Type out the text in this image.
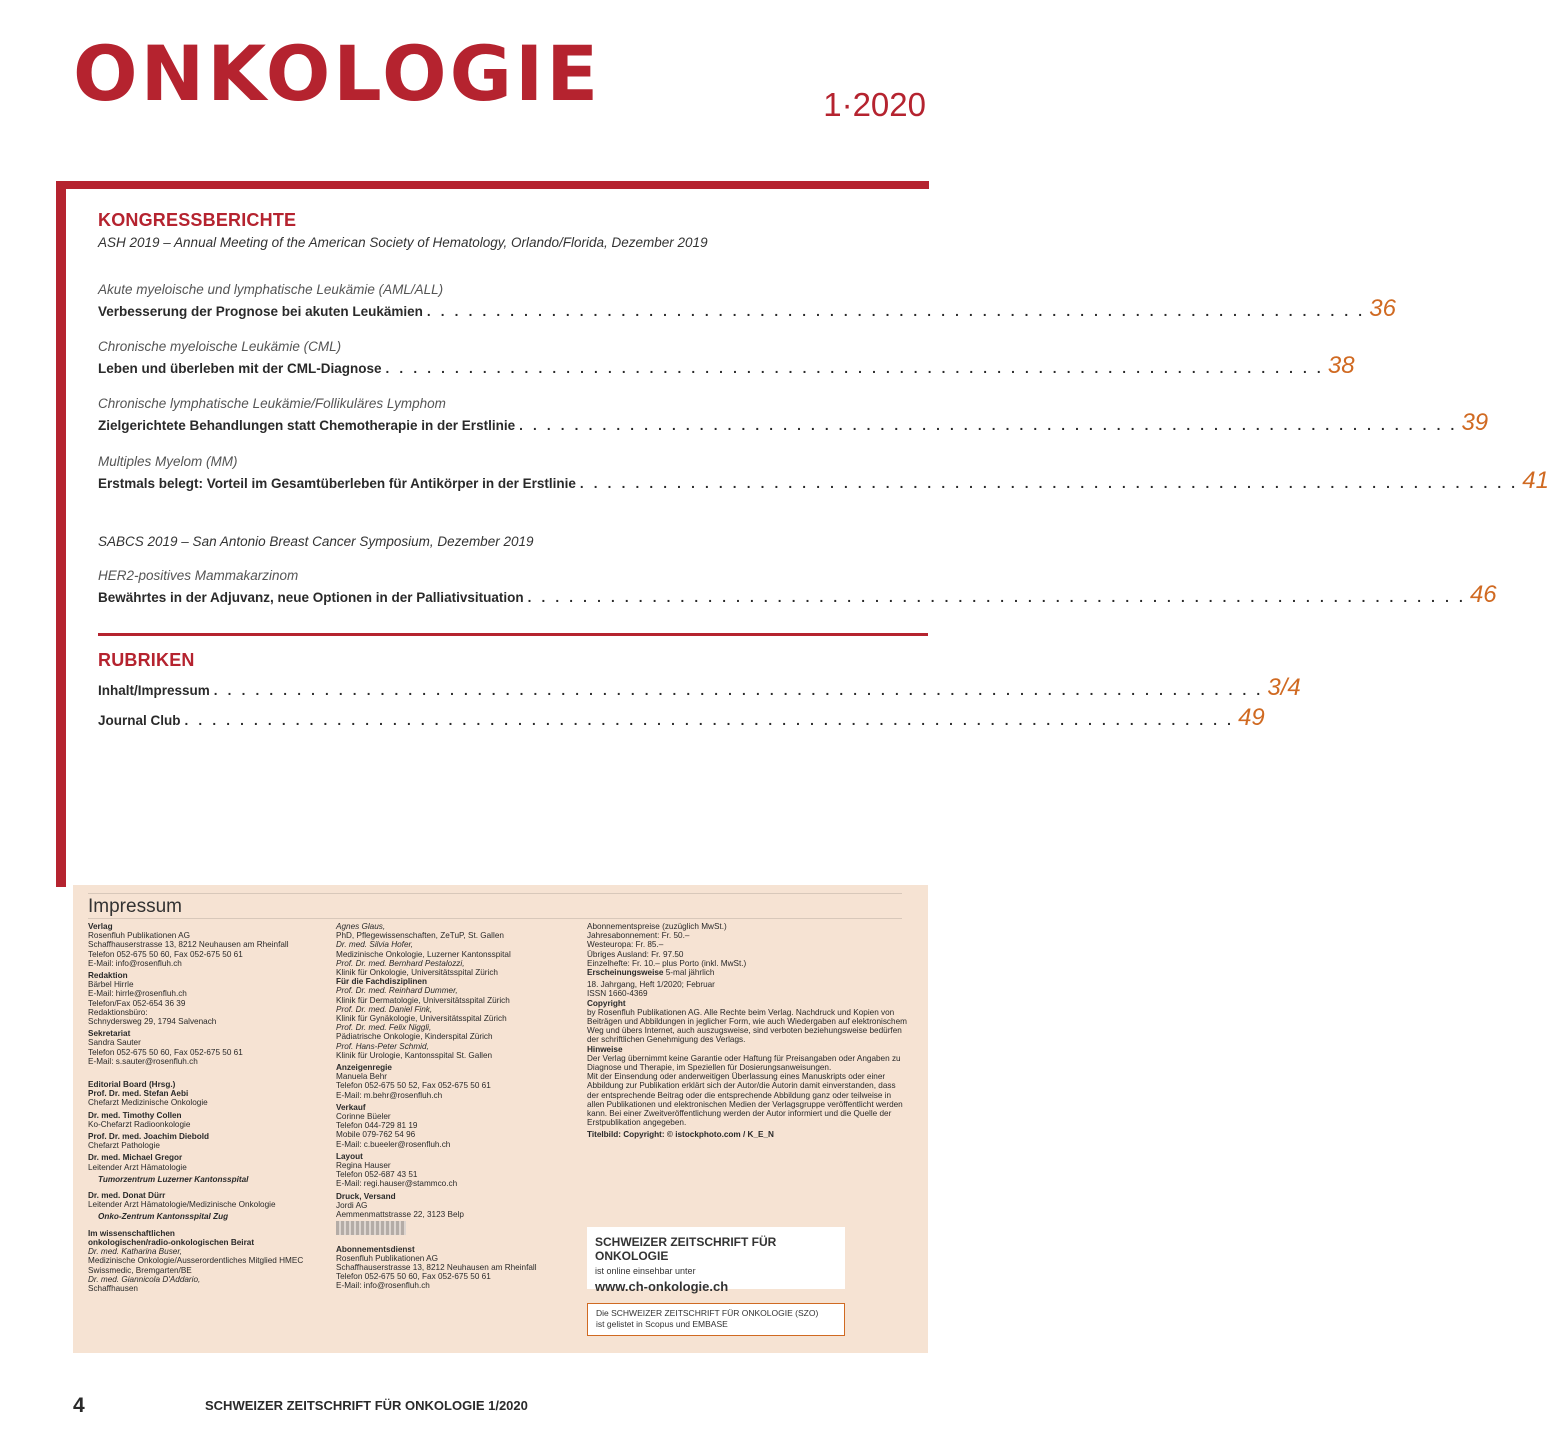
ONKOLOGIE	1·2020
KONGRESSBERICHTE
ASH 2019 – Annual Meeting of the American Society of Hematology, Orlando/Florida, Dezember 2019
Akute myeloische und lymphatische Leukämie (AML/ALL)
Verbesserung der Prognose bei akuten Leukämien . . . . . . . . . . . . . . . . . . . . . . . . . . . . . . . . . . . . . . . . . . . . . . . . . . . . . . . . . . . . . . . . . . . . 36
Chronische myeloische Leukämie (CML)
Leben und überleben mit der CML-Diagnose . . . . . . . . . . . . . . . . . . . . . . . . . . . . . . . . . . . . . . . . . . . . . . . . . . . . . . . . . . . . . . . . . . . . 38
Chronische lymphatische Leukämie/Follikuläres Lymphom
Zielgerichtete Behandlungen statt Chemotherapie in der Erstlinie . . . . . . . . . . . . . . . . . . . . . . . . . . . . . . . . . . . . . . . . . . . . . . . . . . . . . . . . . . . . . . . . . . . . 39
Multiples Myelom (MM)
Erstmals belegt: Vorteil im Gesamtüberleben für Antikörper in der Erstlinie . . . . . . . . . . . . . . . . . . . . . . . . . . . . . . . . . . . . . . . . . . . . . . . . . . . . . . . . . . . . . . . . . . . . 41
SABCS 2019 – San Antonio Breast Cancer Symposium, Dezember 2019
HER2-positives Mammakarzinom
Bewährtes in der Adjuvanz, neue Optionen in der Palliativsituation . . . . . . . . . . . . . . . . . . . . . . . . . . . . . . . . . . . . . . . . . . . . . . . . . . . . . . . . . . . . . . . . . . . . 46
RUBRIKEN
Inhalt/Impressum . . . . . . . . . . . . . . . . . . . . . . . . . . . . . . . . . . . . . . . . . . . . . . . . . . . . . . . . . . . . . . . . . . . . . . . . . . . . 3/4
Journal Club . . . . . . . . . . . . . . . . . . . . . . . . . . . . . . . . . . . . . . . . . . . . . . . . . . . . . . . . . . . . . . . . . . . . . . . . . . . . 49
Impressum
Verlag
Rosenfluh Publikationen AG
Schaffhauserstrasse 13, 8212 Neuhausen am Rheinfall
Telefon 052-675 50 60, Fax 052-675 50 61
E-Mail: info@rosenfluh.ch
Redaktion
Bärbel Hirrle
E-Mail: hirrle@rosenfluh.ch
Telefon/Fax 052-654 36 39
Redaktionsbüro:
Schnydersweg 29, 1794 Salvenach
Sekretariat
Sandra Sauter
Telefon 052-675 50 60, Fax 052-675 50 61
E-Mail: s.sauter@rosenfluh.ch
Editorial Board (Hrsg.)
Prof. Dr. med. Stefan Aebi
Chefarzt Medizinische Onkologie
Dr. med. Timothy Collen
Ko-Chefarzt Radioonkologie
Prof. Dr. med. Joachim Diebold
Chefarzt Pathologie
Dr. med. Michael Gregor
Leitender Arzt Hämatologie
Tumorzentrum Luzerner Kantonsspital
Dr. med. Donat Dürr
Leitender Arzt Hämatologie/Medizinische Onkologie
Onko-Zentrum Kantonsspital Zug
Im wissenschaftlichen
onkologischen/radio-onkologischen Beirat
Dr. med. Katharina Buser,
Medizinische Onkologie/Ausserordentliches Mitglied HMEC
Swissmedic, Bremgarten/BE
Dr. med. Giannicola D'Addario,
Schaffhausen
Agnes Glaus,
PhD, Pflegewissenschaften, ZeTuP, St. Gallen
Dr. med. Silvia Hofer,
Medizinische Onkologie, Luzerner Kantonsspital
Prof. Dr. med. Bernhard Pestalozzi,
Klinik für Onkologie, Universitätsspital Zürich
Für die Fachdisziplinen
Prof. Dr. med. Reinhard Dummer,
Klinik für Dermatologie, Universitätsspital Zürich
Prof. Dr. med. Daniel Fink,
Klinik für Gynäkologie, Universitätsspital Zürich
Prof. Dr. med. Felix Niggli,
Pädiatrische Onkologie, Kinderspital Zürich
Prof. Hans-Peter Schmid,
Klinik für Urologie, Kantonsspital St. Gallen
Anzeigenregie
Manuela Behr
Telefon 052-675 50 52, Fax 052-675 50 61
E-Mail: m.behr@rosenfluh.ch
Verkauf
Corinne Büeler
Telefon 044-729 81 19
Mobile 079-762 54 96
E-Mail: c.bueeler@rosenfluh.ch
Layout
Regina Hauser
Telefon 052-687 43 51
E-Mail: regi.hauser@stammco.ch
Druck, Versand
Jordi AG
Aemmenmattstrasse 22, 3123 Belp
Abonnementsdienst
Rosenfluh Publikationen AG
Schaffhauserstrasse 13, 8212 Neuhausen am Rheinfall
Telefon 052-675 50 60, Fax 052-675 50 61
E-Mail: info@rosenfluh.ch
Abonnementspreise (zuzüglich MwSt.)
Jahresabonnement: Fr. 50.–
Westeuropa: Fr. 85.–
Übriges Ausland: Fr. 97.50
Einzelhefte: Fr. 10.– plus Porto (inkl. MwSt.)
Erscheinungsweise 5-mal jährlich
18. Jahrgang, Heft 1/2020; Februar
ISSN 1660-4369
Copyright
by Rosenfluh Publikationen AG. Alle Rechte beim Verlag. Nachdruck und Kopien von Beiträgen und Abbildungen in jeglicher Form, wie auch Wiedergaben auf elektronischem Weg und übers Internet, auch auszugsweise, sind verboten beziehungsweise bedürfen der schriftlichen Genehmigung des Verlags.
Hinweise
Der Verlag übernimmt keine Garantie oder Haftung für Preisangaben oder Angaben zu Diagnose und Therapie, im Speziellen für Dosierungsanweisungen.
Mit der Einsendung oder anderweitigen Überlassung eines Manuskripts oder einer Abbildung zur Publikation erklärt sich der Autor/die Autorin damit einverstanden, dass der entsprechende Beitrag oder die entsprechende Abbildung ganz oder teilweise in allen Publikationen und elektronischen Medien der Verlagsgruppe veröffentlicht werden kann. Bei einer Zweitveröffentlichung werden der Autor informiert und die Quelle der Erstpublikation angegeben.
Titelbild: Copyright: © istockphoto.com / K_E_N
SCHWEIZER ZEITSCHRIFT FÜR ONKOLOGIE
ist online einsehbar unter
www.ch-onkologie.ch
Die SCHWEIZER ZEITSCHRIFT FÜR ONKOLOGIE (SZO)
ist gelistet in Scopus und EMBASE
4	SCHWEIZER ZEITSCHRIFT FÜR ONKOLOGIE 1/2020
